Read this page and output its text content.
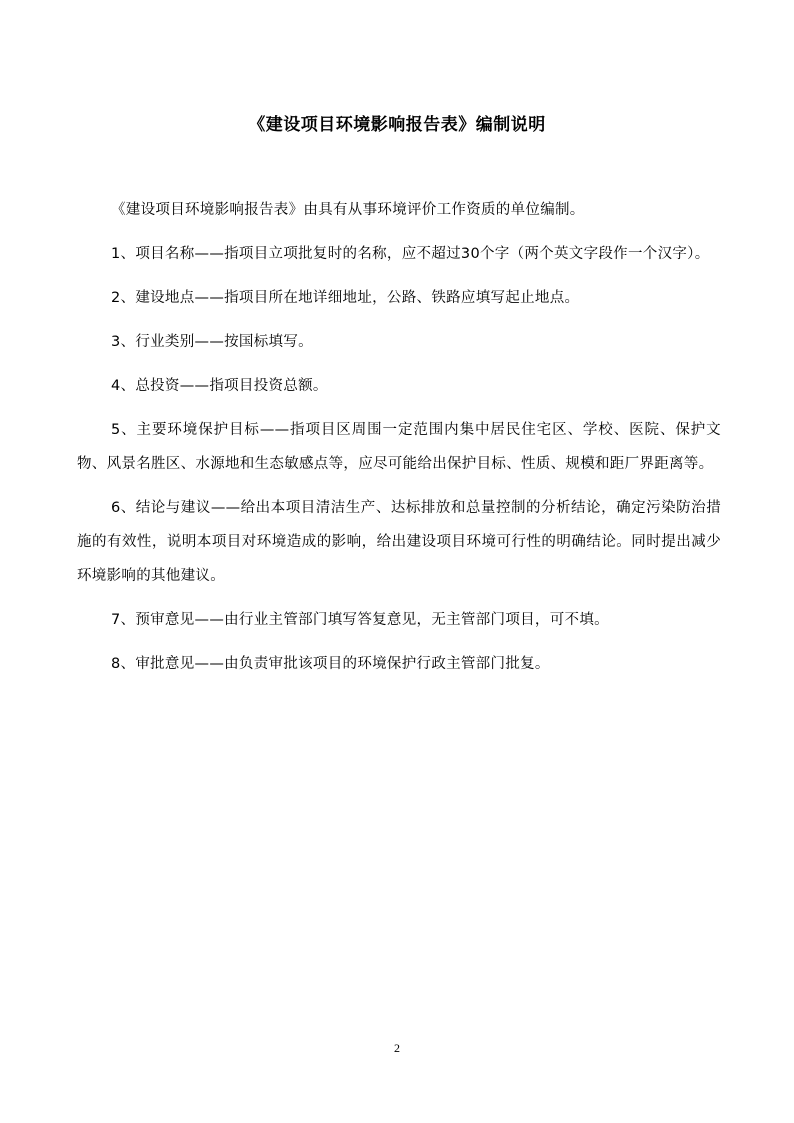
《建设项目环境影响报告表》编制说明

《建设项目环境影响报告表》由具有从事环境评价工作资质的单位编制。

1、项目名称——指项目立项批复时的名称，应不超过30个字（两个英文字段作一个汉字）。

2、建设地点——指项目所在地详细地址，公路、铁路应填写起止地点。

3、行业类别——按国标填写。

4、总投资——指项目投资总额。

5、主要环境保护目标——指项目区周围一定范围内集中居民住宅区、学校、医院、保护文物、风景名胜区、水源地和生态敏感点等，应尽可能给出保护目标、性质、规模和距厂界距离等。

6、结论与建议——给出本项目清洁生产、达标排放和总量控制的分析结论，确定污染防治措施的有效性，说明本项目对环境造成的影响，给出建设项目环境可行性的明确结论。同时提出减少环境影响的其他建议。

7、预审意见——由行业主管部门填写答复意见，无主管部门项目，可不填。

8、审批意见——由负责审批该项目的环境保护行政主管部门批复。

2
